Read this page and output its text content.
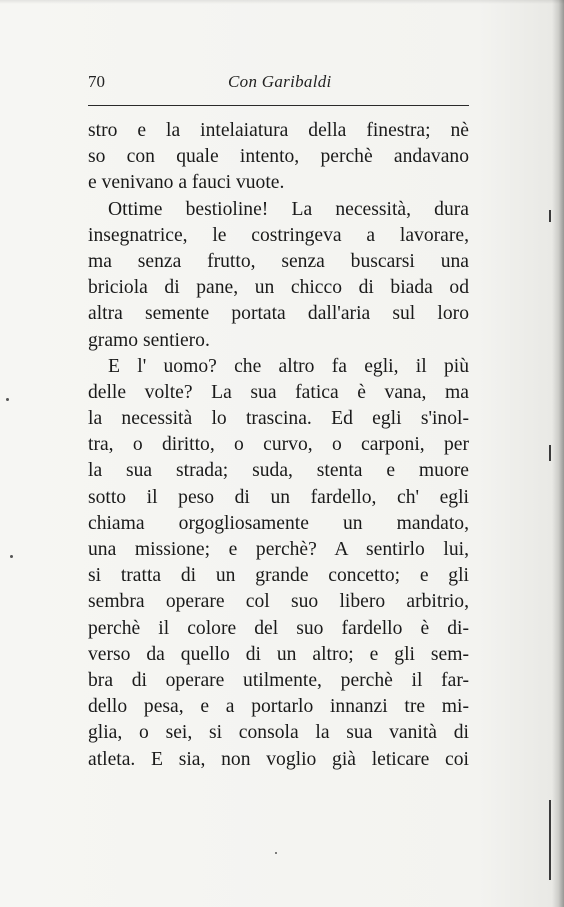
70	Con Garibaldi
stro e la intelaiatura della finestra; nè
so con quale intento, perchè andavano
e venivano a fauci vuote.
Ottime bestioline! La necessità, dura
insegnatrice, le costringeva a lavorare,
ma senza frutto, senza buscarsi una
briciola di pane, un chicco di biada od
altra semente portata dall'aria sul loro
gramo sentiero.
E l' uomo? che altro fa egli, il più
delle volte? La sua fatica è vana, ma
la necessità lo trascina. Ed egli s'inol-
tra, o diritto, o curvo, o carponi, per
la sua strada; suda, stenta e muore
sotto il peso di un fardello, ch' egli
chiama orgogliosamente un mandato,
una missione; e perchè? A sentirlo lui,
si tratta di un grande concetto; e gli
sembra operare col suo libero arbitrio,
perchè il colore del suo fardello è di-
verso da quello di un altro; e gli sem-
bra di operare utilmente, perchè il far-
dello pesa, e a portarlo innanzi tre mi-
glia, o sei, si consola la sua vanità di
atleta. E sia, non voglio già leticare coi
